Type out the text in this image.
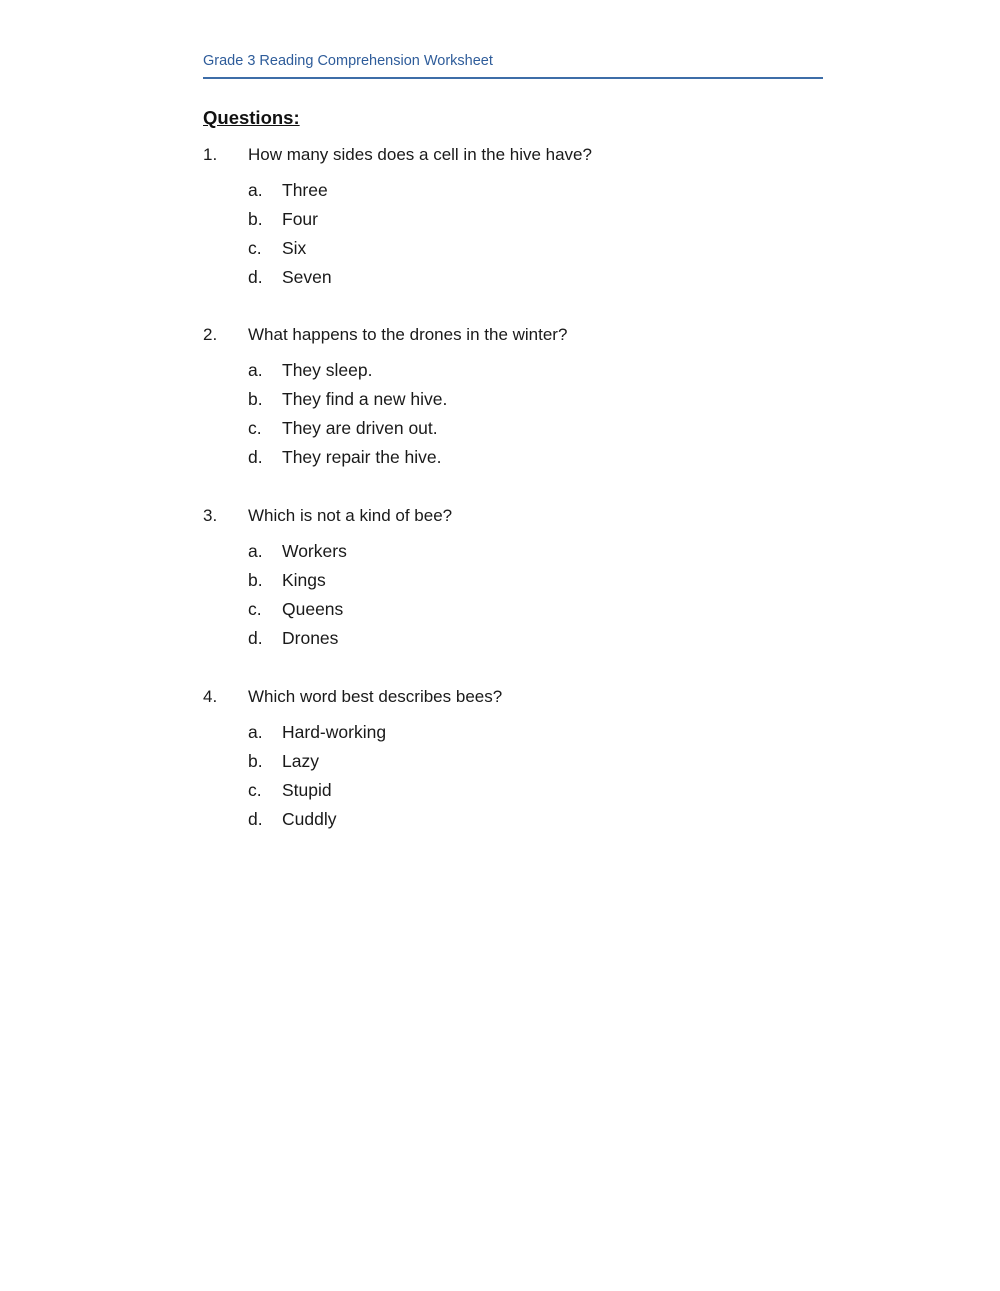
Grade 3 Reading Comprehension Worksheet
Questions:
1.	How many sides does a cell in the hive have?
a.	Three
b.	Four
c.	Six
d.	Seven
2.	What happens to the drones in the winter?
a.	They sleep.
b.	They find a new hive.
c.	They are driven out.
d.	They repair the hive.
3.	Which is not a kind of bee?
a.	Workers
b.	Kings
c.	Queens
d.	Drones
4.	Which word best describes bees?
a.	Hard-working
b.	Lazy
c.	Stupid
d.	Cuddly
